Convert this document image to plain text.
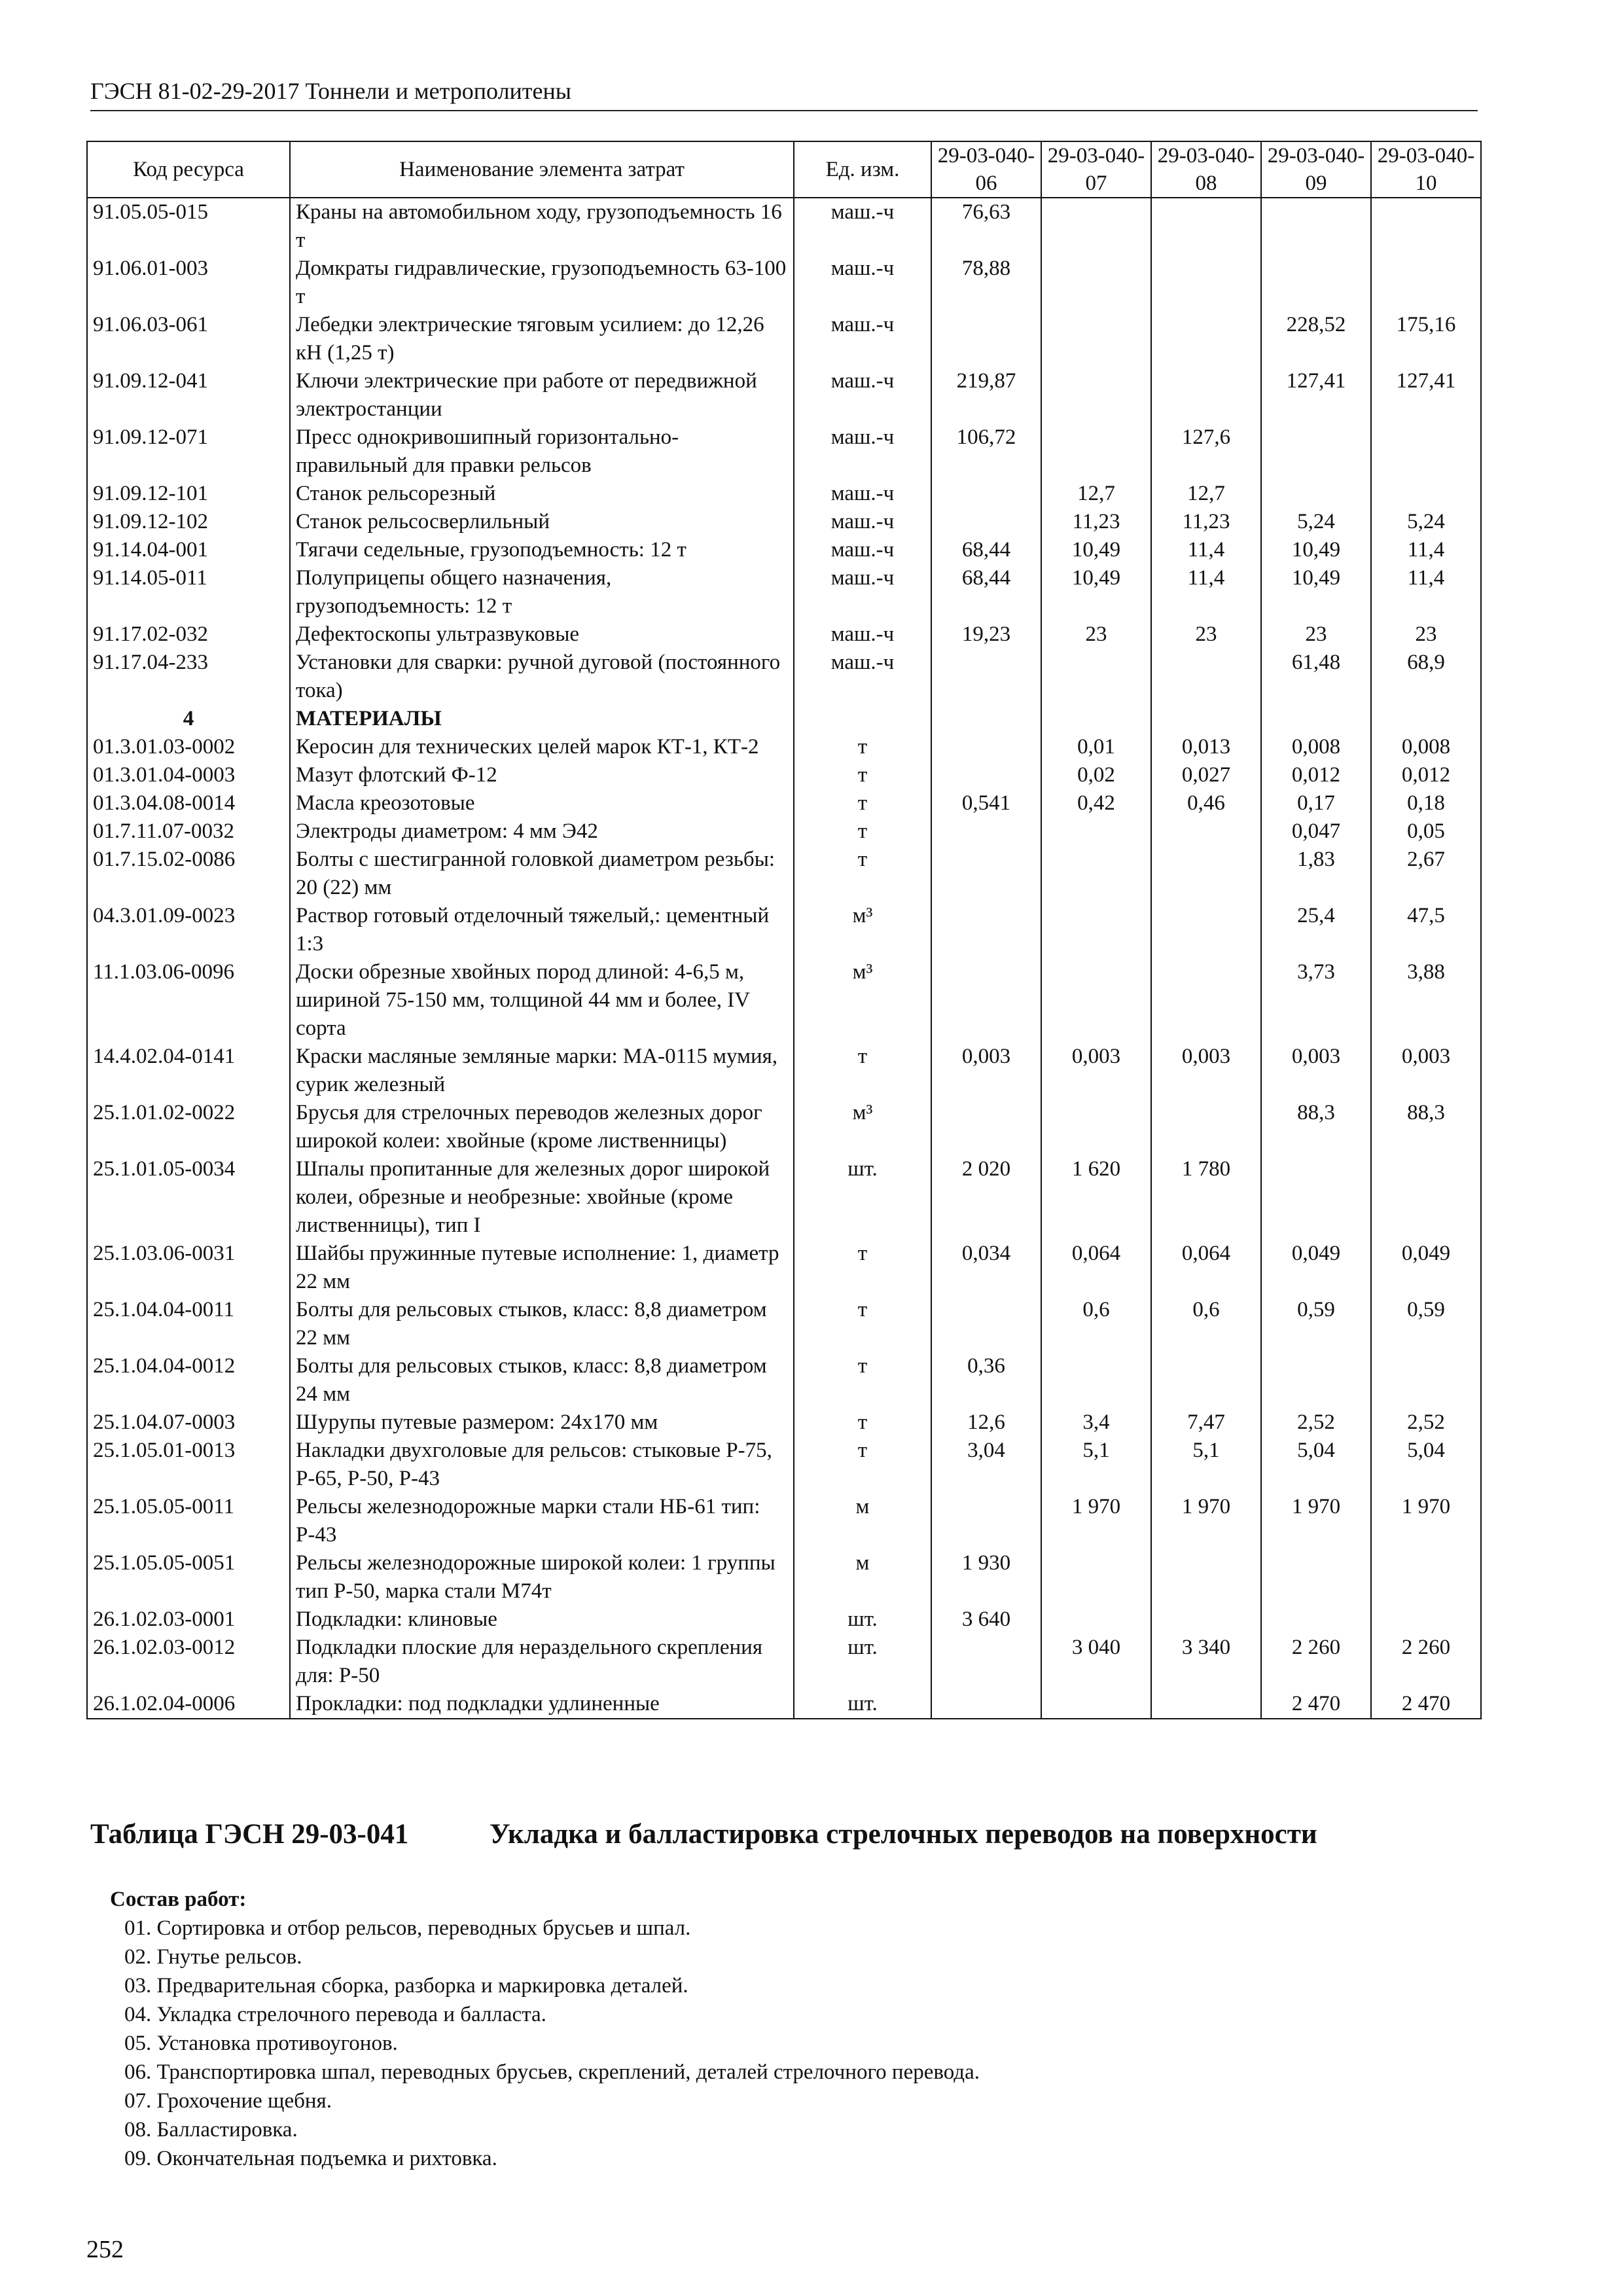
ГЭСН 81-02-29-2017 Тоннели и метрополитены
Код ресурса	Наименование элемента затрат	Ед. изм.	29-03-040-06	29-03-040-07	29-03-040-08	29-03-040-09	29-03-040-10
91.05.05-015	Краны на автомобильном ходу, грузоподъемность 16 т	маш.-ч	76,63				
91.06.01-003	Домкраты гидравлические, грузоподъемность 63-100 т	маш.-ч	78,88				
91.06.03-061	Лебедки электрические тяговым усилием: до 12,26 кН (1,25 т)	маш.-ч				228,52	175,16
91.09.12-041	Ключи электрические при работе от передвижной электростанции	маш.-ч	219,87			127,41	127,41
91.09.12-071	Пресс однокривошипный горизонтально-правильный для правки рельсов	маш.-ч	106,72		127,6		
91.09.12-101	Станок рельсорезный	маш.-ч		12,7	12,7		
91.09.12-102	Станок рельсосверлильный	маш.-ч		11,23	11,23	5,24	5,24
91.14.04-001	Тягачи седельные, грузоподъемность: 12 т	маш.-ч	68,44	10,49	11,4	10,49	11,4
91.14.05-011	Полуприцепы общего назначения, грузоподъемность: 12 т	маш.-ч	68,44	10,49	11,4	10,49	11,4
91.17.02-032	Дефектоскопы ультразвуковые	маш.-ч	19,23	23	23	23	23
91.17.04-233	Установки для сварки: ручной дуговой (постоянного тока)	маш.-ч				61,48	68,9
4	МАТЕРИАЛЫ						
01.3.01.03-0002	Керосин для технических целей марок КТ-1, КТ-2	т		0,01	0,013	0,008	0,008
01.3.01.04-0003	Мазут флотский Ф-12	т		0,02	0,027	0,012	0,012
01.3.04.08-0014	Масла креозотовые	т	0,541	0,42	0,46	0,17	0,18
01.7.11.07-0032	Электроды диаметром: 4 мм Э42	т				0,047	0,05
01.7.15.02-0086	Болты с шестигранной головкой диаметром резьбы: 20 (22) мм	т				1,83	2,67
04.3.01.09-0023	Раствор готовый отделочный тяжелый,: цементный 1:3	м³				25,4	47,5
11.1.03.06-0096	Доски обрезные хвойных пород длиной: 4-6,5 м, шириной 75-150 мм, толщиной 44 мм и более, IV сорта	м³				3,73	3,88
14.4.02.04-0141	Краски масляные земляные марки: МА-0115 мумия, сурик железный	т	0,003	0,003	0,003	0,003	0,003
25.1.01.02-0022	Брусья для стрелочных переводов железных дорог широкой колеи: хвойные (кроме лиственницы)	м³				88,3	88,3
25.1.01.05-0034	Шпалы пропитанные для железных дорог широкой колеи, обрезные и необрезные: хвойные (кроме лиственницы), тип I	шт.	2 020	1 620	1 780		
25.1.03.06-0031	Шайбы пружинные путевые исполнение: 1, диаметр 22 мм	т	0,034	0,064	0,064	0,049	0,049
25.1.04.04-0011	Болты для рельсовых стыков, класс: 8,8 диаметром 22 мм	т		0,6	0,6	0,59	0,59
25.1.04.04-0012	Болты для рельсовых стыков, класс: 8,8 диаметром 24 мм	т	0,36				
25.1.04.07-0003	Шурупы путевые размером: 24х170 мм	т	12,6	3,4	7,47	2,52	2,52
25.1.05.01-0013	Накладки двухголовые для рельсов: стыковые Р-75, Р-65, Р-50, Р-43	т	3,04	5,1	5,1	5,04	5,04
25.1.05.05-0011	Рельсы железнодорожные марки стали НБ-61 тип: Р-43	м		1 970	1 970	1 970	1 970
25.1.05.05-0051	Рельсы железнодорожные широкой колеи: 1 группы тип Р-50, марка стали М74т	м	1 930				
26.1.02.03-0001	Подкладки: клиновые	шт.	3 640				
26.1.02.03-0012	Подкладки плоские для нераздельного скрепления для: Р-50	шт.		3 040	3 340	2 260	2 260
26.1.02.04-0006	Прокладки: под подкладки удлиненные	шт.				2 470	2 470
Таблица ГЭСН 29-03-041	Укладка и балластировка стрелочных переводов на поверхности
Состав работ:
01. Сортировка и отбор рельсов, переводных брусьев и шпал.
02. Гнутье рельсов.
03. Предварительная сборка, разборка и маркировка деталей.
04. Укладка стрелочного перевода и балласта.
05. Установка противоугонов.
06. Транспортировка шпал, переводных брусьев, скреплений, деталей стрелочного перевода.
07. Грохочение щебня.
08. Балластировка.
09. Окончательная подъемка и рихтовка.
252
